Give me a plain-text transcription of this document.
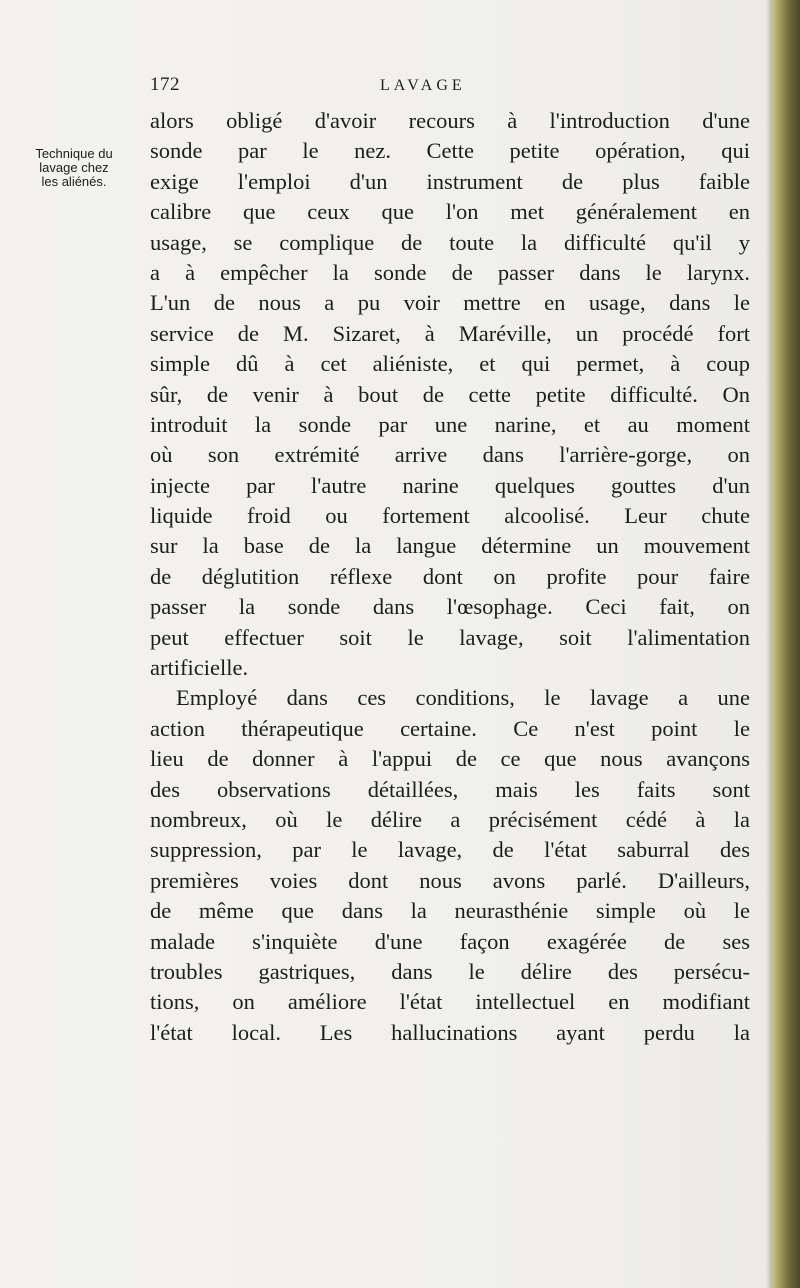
172	LAVAGE
Technique du
lavage chez
les aliénés.
alors obligé d'avoir recours à l'introduction d'une
sonde par le nez. Cette petite opération, qui
exige l'emploi d'un instrument de plus faible
calibre que ceux que l'on met généralement en
usage, se complique de toute la difficulté qu'il y
a à empêcher la sonde de passer dans le larynx.
L'un de nous a pu voir mettre en usage, dans le
service de M. Sizaret, à Maréville, un procédé fort
simple dû à cet aliéniste, et qui permet, à coup
sûr, de venir à bout de cette petite difficulté. On
introduit la sonde par une narine, et au moment
où son extrémité arrive dans l'arrière-gorge, on
injecte par l'autre narine quelques gouttes d'un
liquide froid ou fortement alcoolisé. Leur chute
sur la base de la langue détermine un mouvement
de déglutition réflexe dont on profite pour faire
passer la sonde dans l'œsophage. Ceci fait, on
peut effectuer soit le lavage, soit l'alimentation
artificielle.
Employé dans ces conditions, le lavage a une
action thérapeutique certaine. Ce n'est point le
lieu de donner à l'appui de ce que nous avançons
des observations détaillées, mais les faits sont
nombreux, où le délire a précisément cédé à la
suppression, par le lavage, de l'état saburral des
premières voies dont nous avons parlé. D'ailleurs,
de même que dans la neurasthénie simple où le
malade s'inquiète d'une façon exagérée de ses
troubles gastriques, dans le délire des persécu-
tions, on améliore l'état intellectuel en modifiant
l'état local. Les hallucinations ayant perdu la
